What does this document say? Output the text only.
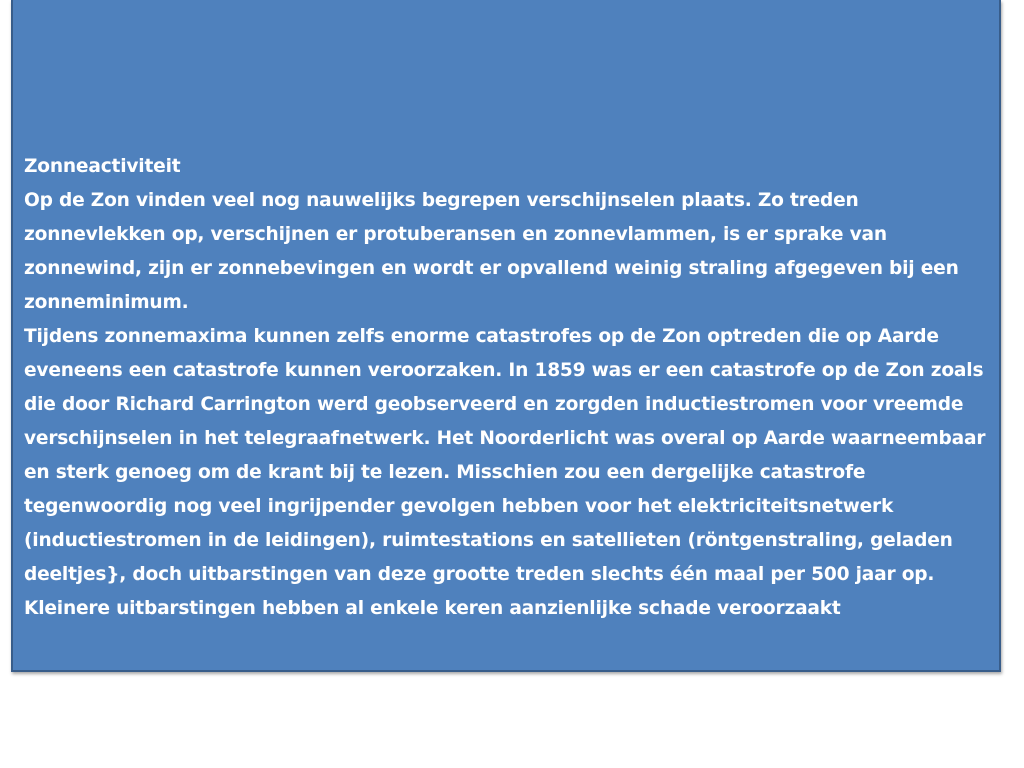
Zonneactiviteit

Op de Zon vinden veel nog nauwelijks begrepen verschijnselen plaats. Zo treden zonnevlekken op, verschijnen er protuberansen en zonnevlammen, is er sprake van zonnewind, zijn er zonnebevingen en wordt er opvallend weinig straling afgegeven bij een zonneminimum.

Tijdens zonnemaxima kunnen zelfs enorme catastrofes op de Zon optreden die op Aarde eveneens een catastrofe kunnen veroorzaken. In 1859 was er een catastrofe op de Zon zoals die door Richard Carrington werd geobserveerd en zorgden inductiestromen voor vreemde verschijnselen in het telegraafnetwerk. Het Noorderlicht was overal op Aarde waarneembaar en sterk genoeg om de krant bij te lezen. Misschien zou een dergelijke catastrofe tegenwoordig nog veel ingrijpender gevolgen hebben voor het elektriciteitsnetwerk (inductiestromen in de leidingen), ruimtestations en satellieten (röntgenstraling, geladen deeltjes}, doch uitbarstingen van deze grootte treden slechts één maal per 500 jaar op. Kleinere uitbarstingen hebben al enkele keren aanzienlijke schade veroorzaakt
